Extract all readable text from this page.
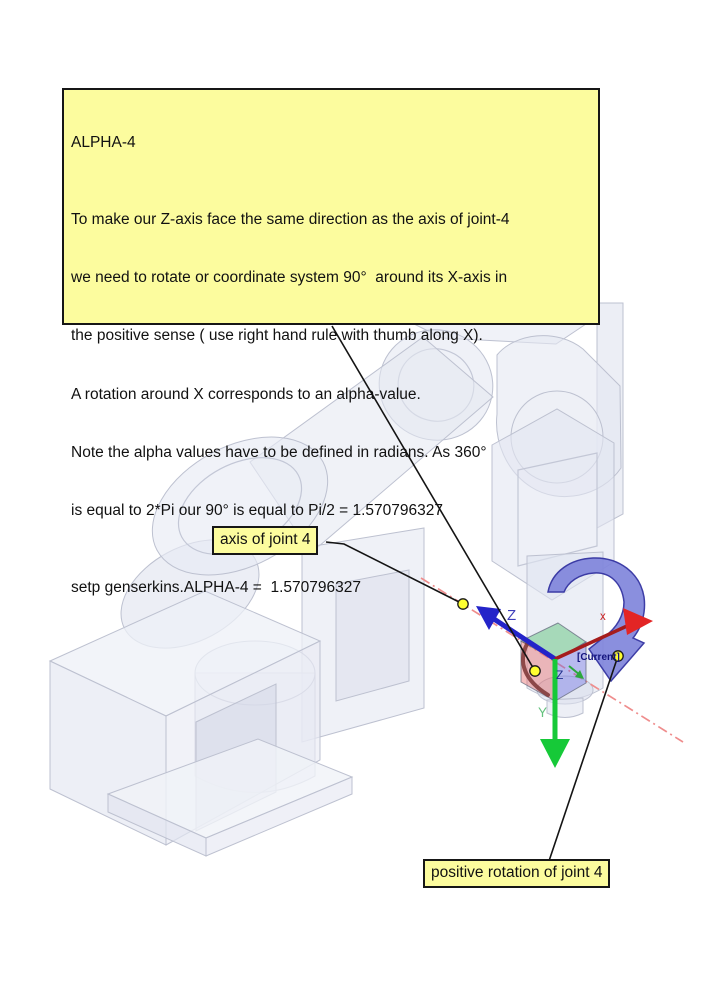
Z	x
Y
Z
[Current]

ALPHA-4

To make our Z-axis face the same direction as the axis of joint-4

we need to rotate or coordinate system 90°  around its X-axis in

the positive sense ( use right hand rule with thumb along X).

A rotation around X corresponds to an alpha-value.

Note the alpha values have to be defined in radians. As 360°

is equal to 2*Pi our 90° is equal to Pi/2 = 1.570796327

setp genserkins.ALPHA-4 =  1.570796327

axis of joint 4
positive rotation of joint 4
